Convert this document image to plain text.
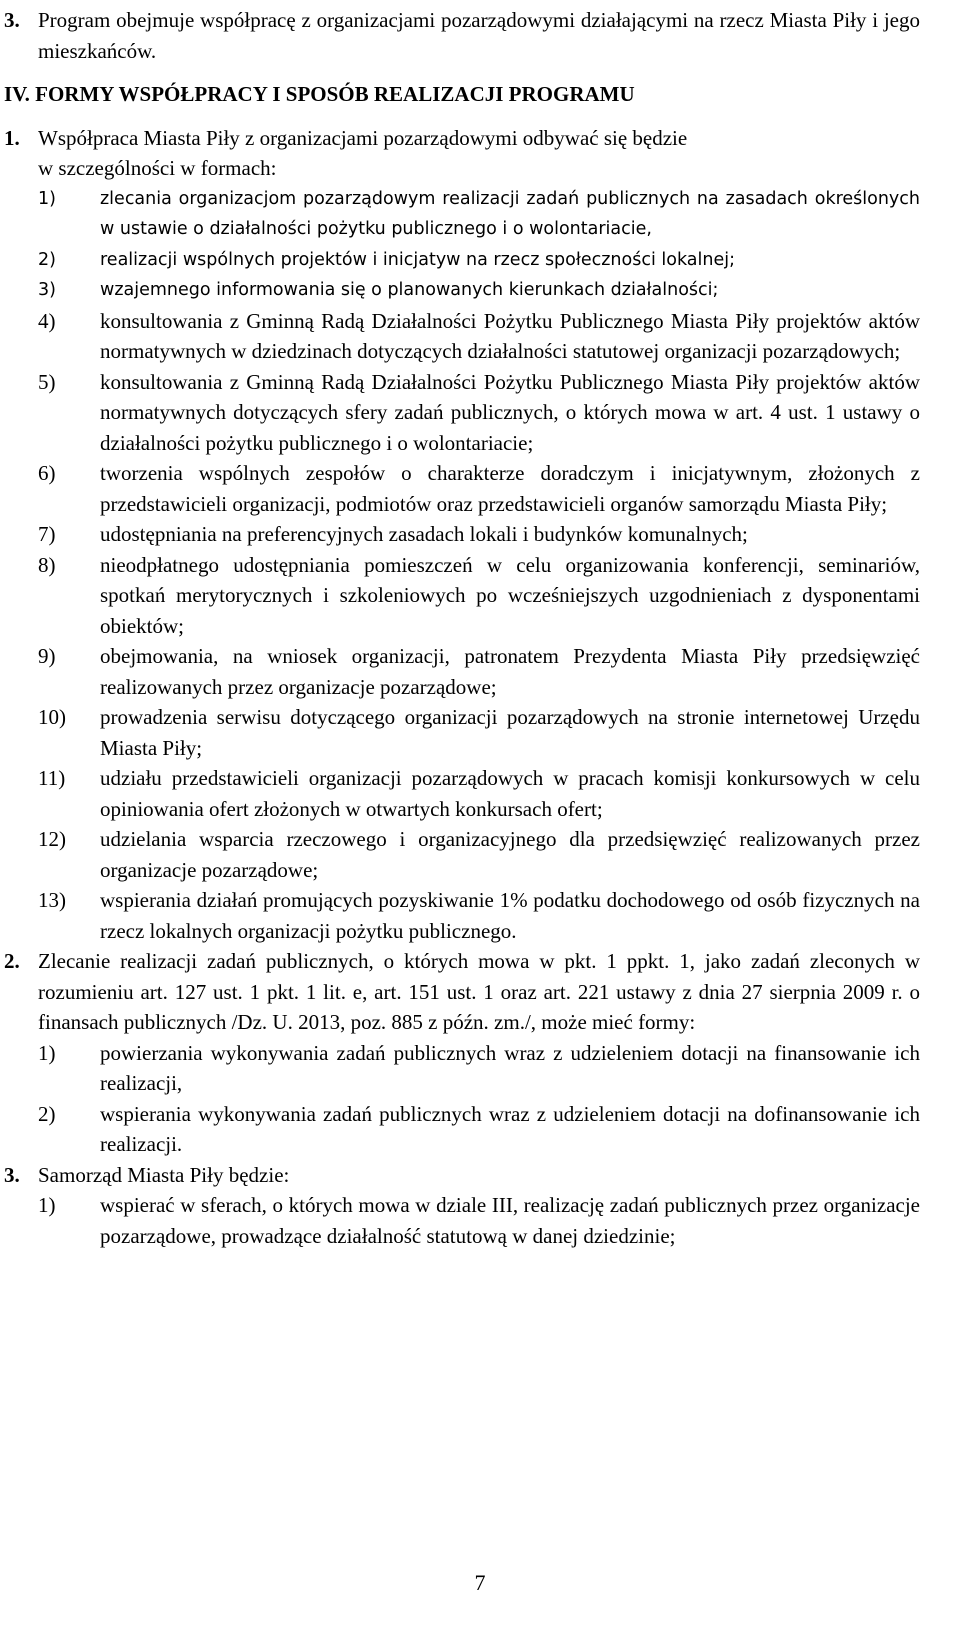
3. Program obejmuje współpracę z organizacjami pozarządowymi działającymi na rzecz Miasta Piły i jego mieszkańców.
IV. FORMY WSPÓŁPRACY I SPOSÓB REALIZACJI PROGRAMU
1. Współpraca Miasta Piły z organizacjami pozarządowymi odbywać się będzie
w szczególności w formach:
1)	zlecania organizacjom pozarządowym realizacji zadań publicznych na zasadach określonych w ustawie o działalności pożytku publicznego i o wolontariacie,
2)	realizacji wspólnych projektów i inicjatyw na rzecz społeczności lokalnej;
3)	wzajemnego informowania się o planowanych kierunkach działalności;
4)	konsultowania z Gminną Radą Działalności Pożytku Publicznego Miasta Piły projektów aktów normatywnych w dziedzinach dotyczących działalności statutowej organizacji pozarządowych;
5)	konsultowania z Gminną Radą Działalności Pożytku Publicznego Miasta Piły projektów aktów normatywnych dotyczących sfery zadań publicznych, o których mowa w art. 4 ust. 1 ustawy o działalności pożytku publicznego i o wolontariacie;
6)	tworzenia wspólnych zespołów o charakterze doradczym i inicjatywnym, złożonych z przedstawicieli organizacji, podmiotów oraz przedstawicieli organów samorządu Miasta Piły;
7)	udostępniania na preferencyjnych zasadach lokali i budynków komunalnych;
8)	nieodpłatnego udostępniania pomieszczeń w celu organizowania konferencji, seminariów, spotkań merytorycznych i szkoleniowych po wcześniejszych uzgodnieniach z dysponentami obiektów;
9)	obejmowania, na wniosek organizacji, patronatem Prezydenta Miasta Piły przedsięwzięć realizowanych przez organizacje pozarządowe;
10)	prowadzenia serwisu dotyczącego organizacji pozarządowych na stronie internetowej Urzędu Miasta Piły;
11)	udziału przedstawicieli organizacji pozarządowych w pracach komisji konkursowych w celu opiniowania ofert złożonych w otwartych konkursach ofert;
12)	udzielania wsparcia rzeczowego i organizacyjnego dla przedsięwzięć realizowanych przez organizacje pozarządowe;
13)	wspierania działań promujących pozyskiwanie 1% podatku dochodowego od osób fizycznych na rzecz lokalnych organizacji pożytku publicznego.
2. Zlecanie realizacji zadań publicznych, o których mowa w pkt. 1 ppkt. 1, jako zadań zleconych w rozumieniu art. 127 ust. 1 pkt. 1 lit. e, art. 151 ust. 1 oraz art. 221 ustawy z dnia 27 sierpnia 2009 r. o finansach publicznych /Dz. U. 2013, poz. 885 z późn. zm./, może mieć formy:
1)	powierzania wykonywania zadań publicznych wraz z udzieleniem dotacji na finansowanie ich realizacji,
2)	wspierania wykonywania zadań publicznych wraz z udzieleniem dotacji na dofinansowanie ich realizacji.
3. Samorząd Miasta Piły będzie:
1)	wspierać w sferach, o których mowa w dziale III, realizację zadań publicznych przez organizacje pozarządowe, prowadzące działalność statutową w danej dziedzinie;
7
